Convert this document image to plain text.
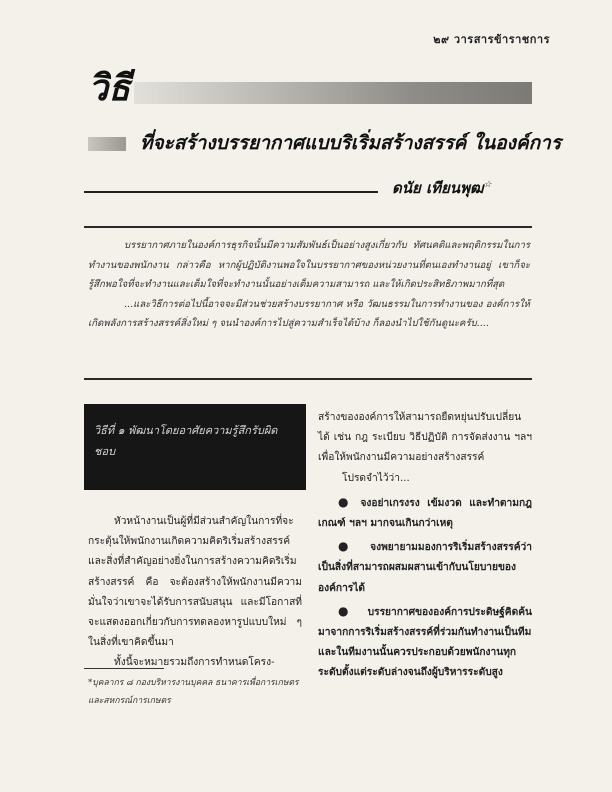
๒๙ วารสารข้าราชการ
วิธี
ที่จะสร้างบรรยากาศแบบริเริ่มสร้างสรรค์ ในองค์การ
ดนัย เทียนพุฒ☆

บรรยากาศภายในองค์การธุรกิจนั้นมีความสัมพันธ์เป็นอย่างสูงเกี่ยวกับ ทัศนคติและพฤติกรรมในการทำงานของพนักงาน กล่าวคือ หากผู้ปฏิบัติงานพอใจในบรรยากาศของหน่วยงานที่ตนเองทำงานอยู่ เขาก็จะรู้สึกพอใจที่จะทำงานและเต็มใจที่จะทำงานนั้นอย่างเต็มความสามารถ และให้เกิดประสิทธิภาพมากที่สุด

...และวิธีการต่อไปนี้อาจจะมีส่วนช่วยสร้างบรรยากาศ หรือ วัฒนธรรมในการทำงานของ องค์การให้เกิดพลังการสร้างสรรค์สิ่งใหม่ ๆ จนนำองค์การไปสู่ความสำเร็จได้บ้าง ก็ลองนำไปใช้กันดูนะครับ....

วิธีที่ ๑ พัฒนาโดยอาศัยความรู้สึกรับผิดชอบ

หัวหน้างานเป็นผู้ที่มีส่วนสำคัญในการที่จะกระตุ้นให้พนักงานเกิดความคิดริเริ่มสร้างสรรค์ และสิ่งที่สำคัญอย่างยิ่งในการสร้างความคิดริเริ่มสร้างสรรค์ คือ จะต้องสร้างให้พนักงานมีความมั่นใจว่าเขาจะได้รับการสนับสนุน และมีโอกาสที่จะแสดงออกเกี่ยวกับการทดลองหารูปแบบใหม่ ๆ ในสิ่งที่เขาคิดขึ้นมา

ทั้งนี้จะหมายรวมถึงการทำหนดโครง-

*บุคลากร ๘ กองบริหารงานบุคคล ธนาคารเพื่อการเกษตรและสหกรณ์การเกษตร

สร้างขององค์การให้สามารถยืดหยุ่นปรับเปลี่ยนได้ เช่น กฎ ระเบียบ วิธีปฏิบัติ การจัดส่งงาน ฯลฯ เพื่อให้พนักงานมีความอย่างสร้างสรรค์

โปรดจำไว้ว่า...

● จงอย่าเกรงรง เข้มงวด และทำตามกฎเกณฑ์ ฯลฯ มากจนเกินกว่าเหตุ

● จงพยายามมองการริเริ่มสร้างสรรค์ว่าเป็นสิ่งที่สามารถผสมผสานเข้ากับนโยบายขององค์การได้

● บรรยากาศขององค์การประดิษฐ์คิดค้น มาจากการริเริ่มสร้างสรรค์ที่ร่วมกันทำงานเป็นทีม และในทีมงานนั้นควรประกอบด้วยพนักงานทุกระดับตั้งแต่ระดับล่างจนถึงผู้บริหารระดับสูง
